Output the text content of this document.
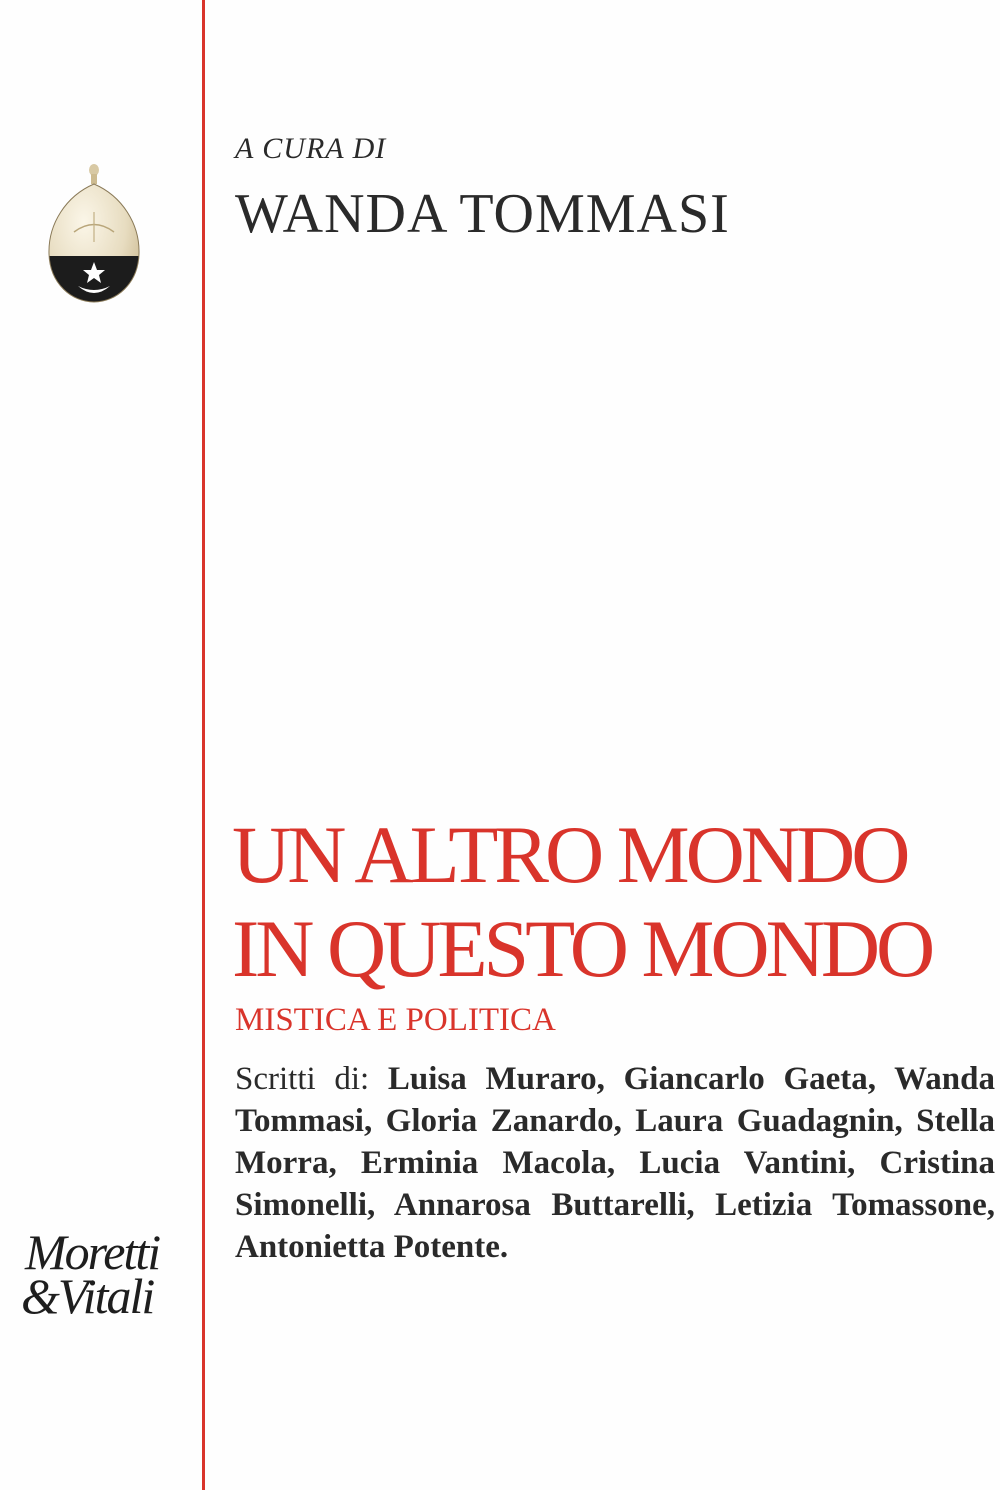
A CURA DI
WANDA TOMMASI
UN ALTRO MONDO
IN QUESTO MONDO
MISTICA E POLITICA
Scritti di: Luisa Muraro, Giancarlo Gaeta, Wanda Tommasi, Gloria Zanardo, Laura Guadagnin, Stella Morra, Erminia Macola, Lucia Vantini, Cristina Simonelli, Annarosa Buttarelli, Letizia Tomassone, Antonietta Potente.
Moretti
&Vitali
